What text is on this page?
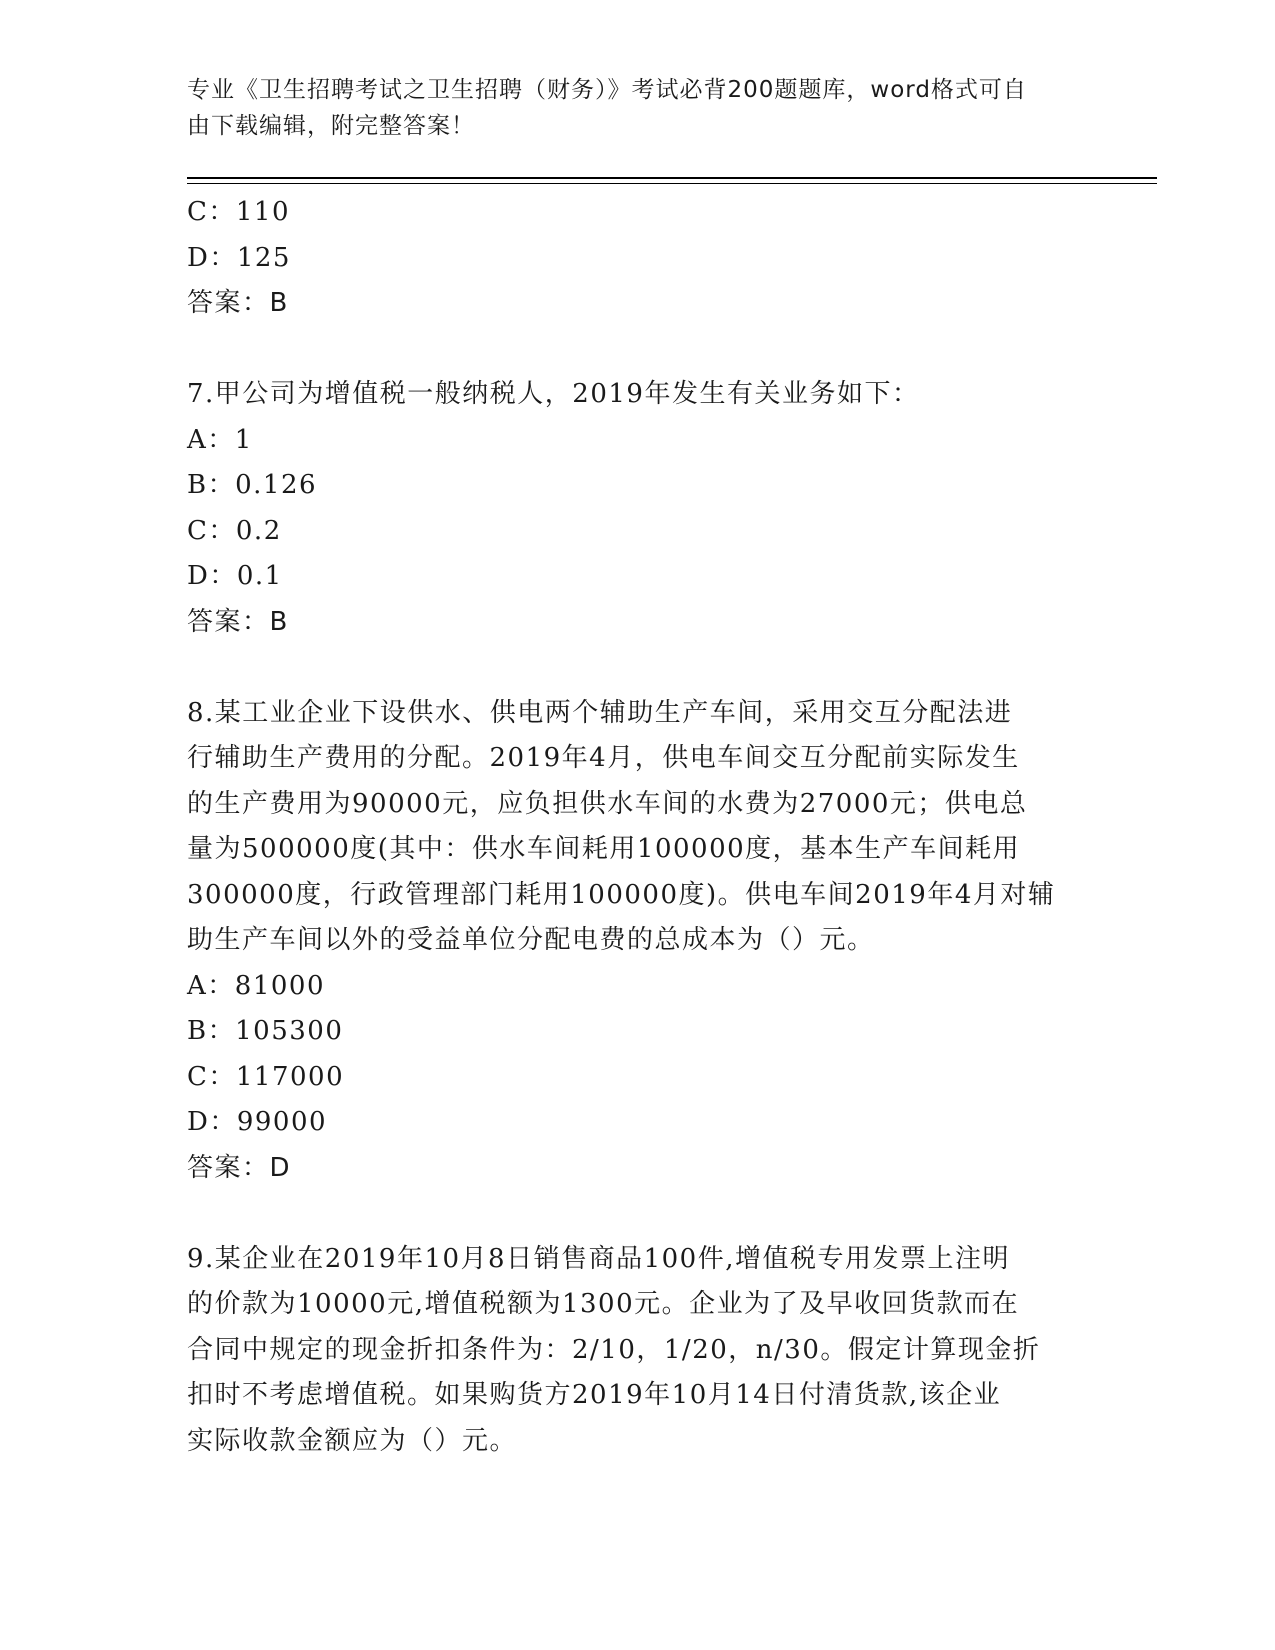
专业《卫生招聘考试之卫生招聘（财务）》考试必背200题题库，word格式可自
由下载编辑，附完整答案！
C：110
D：125
答案：B
7.甲公司为增值税一般纳税人，2019年发生有关业务如下：
A：1
B：0.126
C：0.2
D：0.1
答案：B
8.某工业企业下设供水、供电两个辅助生产车间，采用交互分配法进
行辅助生产费用的分配。2019年4月，供电车间交互分配前实际发生
的生产费用为90000元，应负担供水车间的水费为27000元；供电总
量为500000度(其中：供水车间耗用100000度，基本生产车间耗用
300000度，行政管理部门耗用100000度)。供电车间2019年4月对辅
助生产车间以外的受益单位分配电费的总成本为（）元。
A：81000
B：105300
C：117000
D：99000
答案：D
9.某企业在2019年10月8日销售商品100件,增值税专用发票上注明
的价款为10000元,增值税额为1300元。企业为了及早收回货款而在
合同中规定的现金折扣条件为：2/10，1/20，n/30。假定计算现金折
扣时不考虑增值税。如果购货方2019年10月14日付清货款,该企业
实际收款金额应为（）元。
